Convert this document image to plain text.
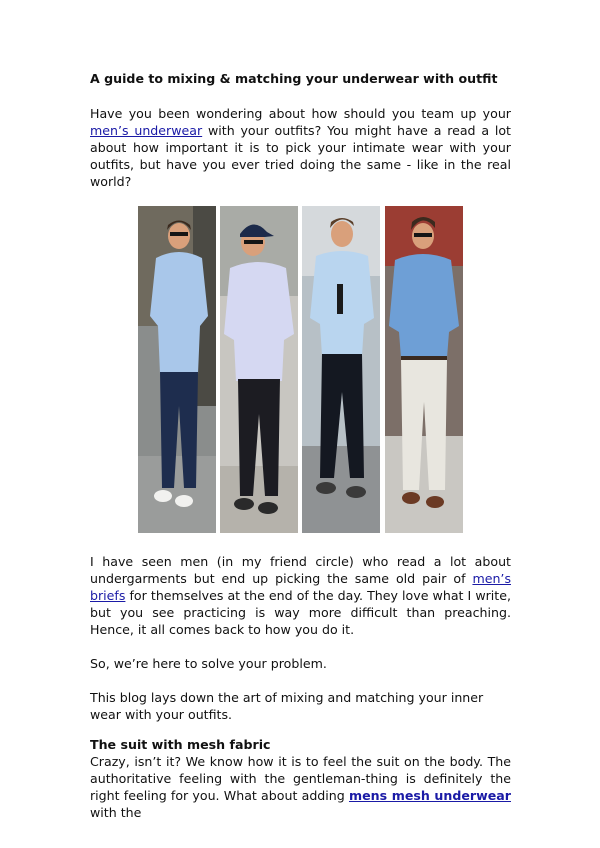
A guide to mixing & matching your underwear with outfit

Have you been wondering about how should you team up your men’s underwear with your outfits? You might have a read a lot about how important it is to pick your intimate wear with your outfits, but have you ever tried doing the same - like in the real world?

I have seen men (in my friend circle) who read a lot about undergarments but end up picking the same old pair of men’s briefs for themselves at the end of the day. They love what I write, but you see practicing is way more difficult than preaching. Hence, it all comes back to how you do it.

So, we’re here to solve your problem.

This blog lays down the art of mixing and matching your inner wear with your outfits.

The suit with mesh fabric

Crazy, isn’t it? We know how it is to feel the suit on the body. The authoritative feeling with the gentleman-thing is definitely the right feeling for you. What about adding mens mesh underwear with the
